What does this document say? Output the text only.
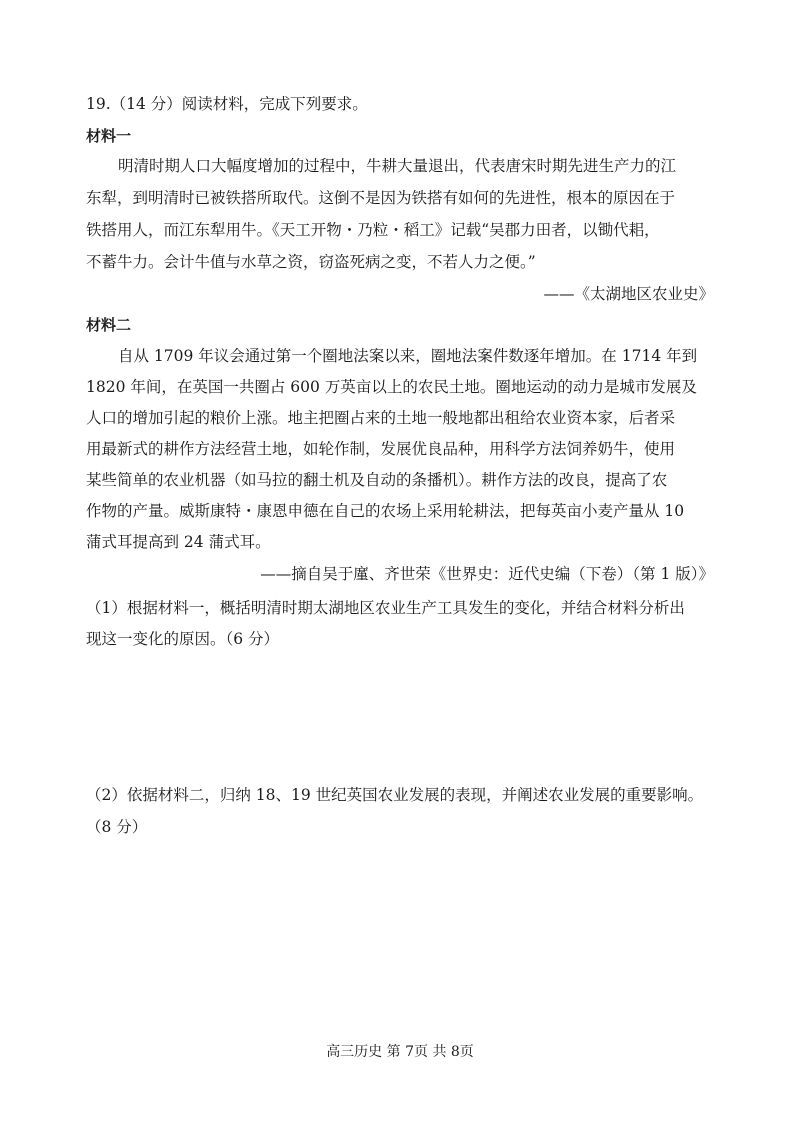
19.（14 分）阅读材料，完成下列要求。
材料一
明清时期人口大幅度增加的过程中，牛耕大量退出，代表唐宋时期先进生产力的江
东犁，到明清时已被铁搭所取代。这倒不是因为铁搭有如何的先进性，根本的原因在于
铁搭用人，而江东犁用牛。《天工开物・乃粒・稻工》记载“吴郡力田者，以锄代耜，
不蓄牛力。会计牛值与水草之资，窃盗死病之变，不若人力之便。”
——《太湖地区农业史》
材料二
自从 1709 年议会通过第一个圈地法案以来，圈地法案件数逐年增加。在 1714 年到
1820 年间，在英国一共圈占 600 万英亩以上的农民土地。圈地运动的动力是城市发展及
人口的增加引起的粮价上涨。地主把圈占来的土地一般地都出租给农业资本家，后者采
用最新式的耕作方法经营土地，如轮作制，发展优良品种，用科学方法饲养奶牛，使用
某些简单的农业机器（如马拉的翻土机及自动的条播机）。耕作方法的改良，提高了农
作物的产量。威斯康特・康恩申德在自己的农场上采用轮耕法，把每英亩小麦产量从 10
蒲式耳提高到 24 蒲式耳。
——摘自吴于廑、齐世荣《世界史：近代史编（下卷）（第 1 版）》
（1）根据材料一，概括明清时期太湖地区农业生产工具发生的变化，并结合材料分析出
现这一变化的原因。（6 分）
（2）依据材料二，归纳 18、19 世纪英国农业发展的表现，并阐述农业发展的重要影响。
（8 分）
高三历史 第 7页 共 8页
